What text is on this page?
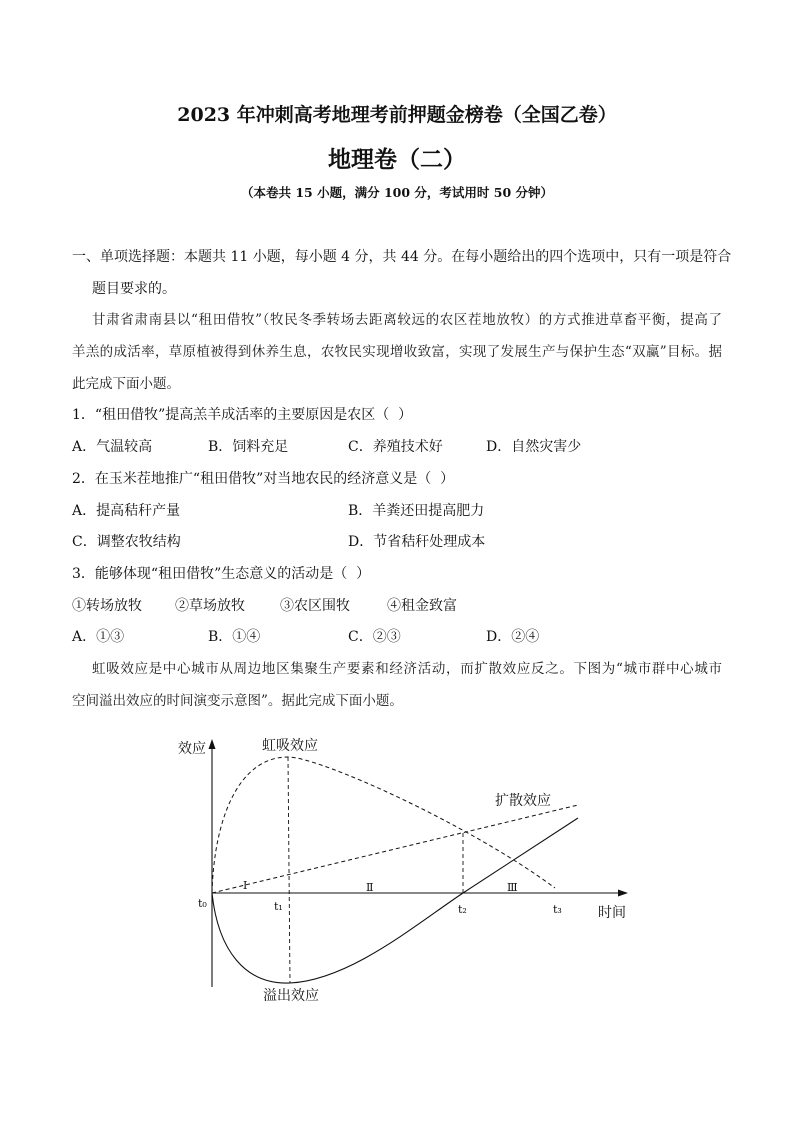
2023 年冲刺高考地理考前押题金榜卷（全国乙卷）
地理卷（二）
（本卷共 15 小题，满分 100 分，考试用时 50 分钟）
一、单项选择题：本题共 11 小题，每小题 4 分，共 44 分。在每小题给出的四个选项中，只有一项是符合
题目要求的。
甘肃省肃南县以“租田借牧”（牧民冬季转场去距离较远的农区茬地放牧）的方式推进草畜平衡，提高了
羊羔的成活率，草原植被得到休养生息，农牧民实现增收致富，实现了发展生产与保护生态“双赢”目标。据
此完成下面小题。
1．“租田借牧”提高羔羊成活率的主要原因是农区（  ）

A．气温较高

	B．饲料充足

	C．养殖技术好

	D．自然灾害少

2．在玉米茬地推广“租田借牧”对当地农民的经济意义是（  ）

A．提高秸秆产量

	B．羊粪还田提高肥力

C．调整农牧结构

	D．节省秸秆处理成本

3．能够体现“租田借牧”生态意义的活动是（  ）

①转场放牧

②草场放牧

	③农区围牧

	④租金致富

A．①③

	B．①④

	C．②③

	D．②④

虹吸效应是中心城市从周边地区集聚生产要素和经济活动，而扩散效应反之。下图为“城市群中心城市
空间溢出效应的时间演变示意图”。据此完成下面小题。
效应
时间
虹吸效应
扩散效应
溢出效应
t₀	t₁	t₂	t₃
Ⅰ	Ⅱ	Ⅲ
